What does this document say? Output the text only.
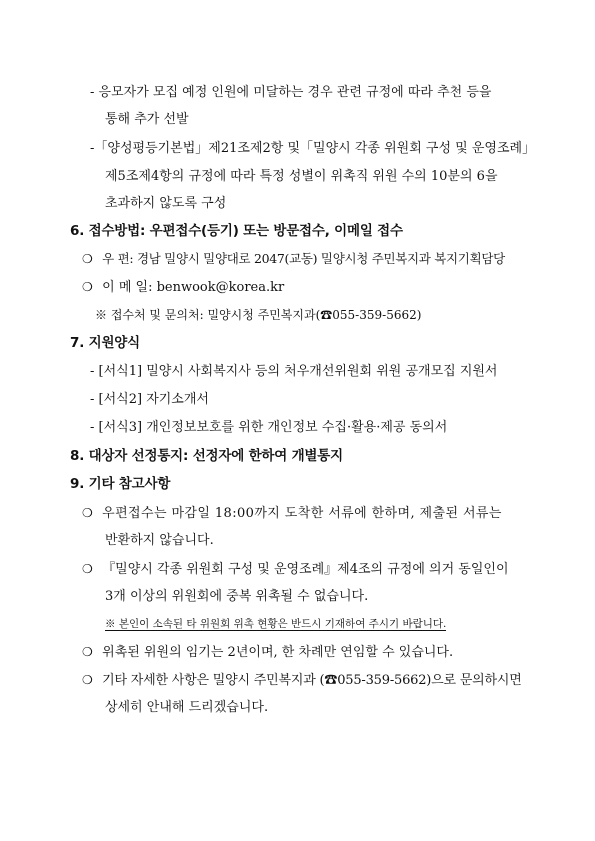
- 응모자가 모집 예정 인원에 미달하는 경우 관련 규정에 따라 추천 등을
통해 추가 선발
-「양성평등기본법」제21조제2항 및「밀양시 각종 위원회 구성 및 운영조례」
제5조제4항의 규정에 따라 특정 성별이 위촉직 위원 수의 10분의 6을
초과하지 않도록 구성
6. 접수방법: 우편접수(등기) 또는 방문접수, 이메일 접수
❍ 우 편: 경남 밀양시 밀양대로 2047(교동) 밀양시청 주민복지과 복지기획담당
❍ 이 메 일: benwook@korea.kr
※ 접수처 및 문의처: 밀양시청 주민복지과(☎055-359-5662)
7. 지원양식
- [서식1] 밀양시 사회복지사 등의 처우개선위원회 위원 공개모집 지원서
- [서식2] 자기소개서
- [서식3] 개인정보보호를 위한 개인정보 수집·활용·제공 동의서
8. 대상자 선정통지: 선정자에 한하여 개별통지
9. 기타 참고사항
❍ 우편접수는 마감일 18:00까지 도착한 서류에 한하며, 제출된 서류는
반환하지 않습니다.
❍ 『밀양시 각종 위원회 구성 및 운영조례』제4조의 규정에 의거 동일인이
3개 이상의 위원회에 중복 위촉될 수 없습니다.
※ 본인이 소속된 타 위원회 위촉 현황은 반드시 기재하여 주시기 바랍니다.
❍ 위촉된 위원의 임기는 2년이며, 한 차례만 연임할 수 있습니다.
❍ 기타 자세한 사항은 밀양시 주민복지과 (☎055-359-5662)으로 문의하시면
상세히 안내해 드리겠습니다.
